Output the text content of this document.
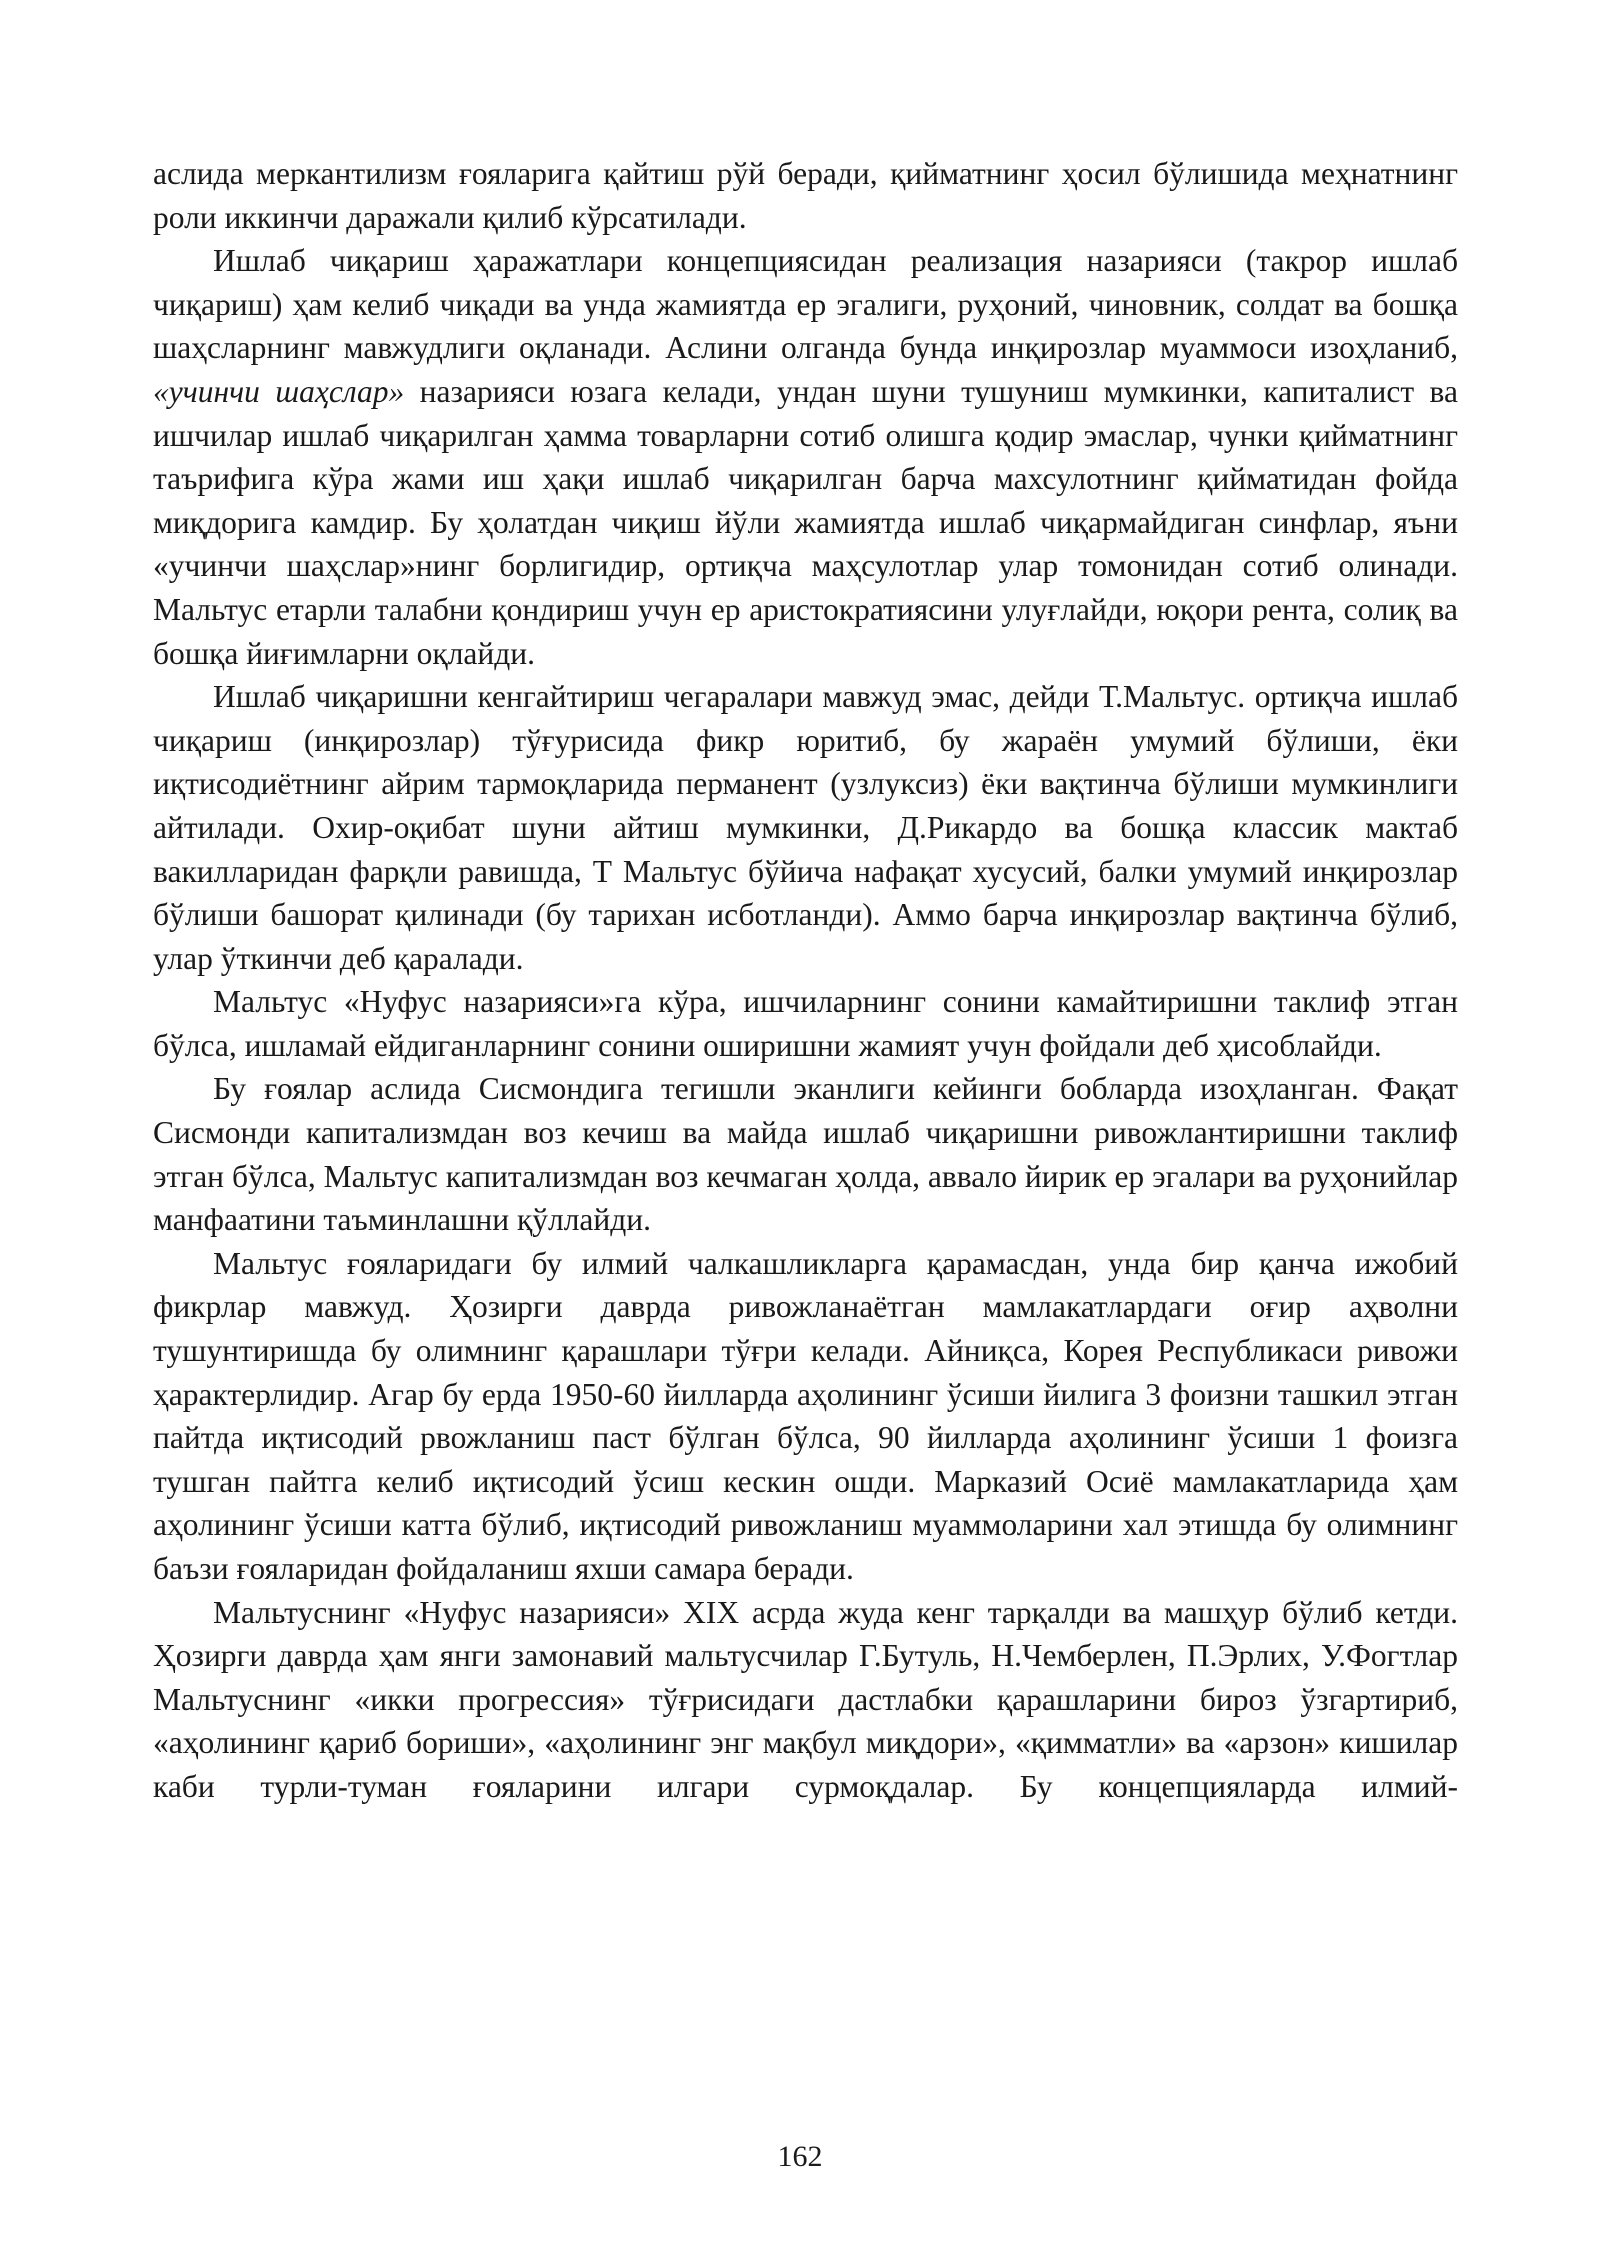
аслида меркантилизм ғояларига қайтиш рўй беради, қийматнинг ҳосил бўлишида меҳнатнинг роли иккинчи даражали қилиб кўрсатилади.

Ишлаб чиқариш ҳаражатлари концепциясидан реализация назарияси (такрор ишлаб чиқариш) ҳам келиб чиқади ва унда жамиятда ер эгалиги, руҳоний, чиновник, солдат ва бошқа шаҳсларнинг мавжудлиги оқланади. Аслини олганда бунда инқирозлар муаммоси изоҳланиб, «учинчи шаҳслар» назарияси юзага келади, ундан шуни тушуниш мумкинки, капиталист ва ишчилар ишлаб чиқарилган ҳамма товарларни сотиб олишга қодир эмаслар, чунки қийматнинг таърифига кўра жами иш ҳақи ишлаб чиқарилган барча махсулотнинг қийматидан фойда миқдорига камдир. Бу ҳолатдан чиқиш йўли жамиятда ишлаб чиқармайдиган синфлар, яъни «учинчи шаҳслар»нинг борлигидир, ортиқча маҳсулотлар улар томонидан сотиб олинади. Мальтус етарли талабни қондириш учун ер аристократиясини улуғлайди, юқори рента, солиқ ва бошқа йиғимларни оқлайди.

Ишлаб чиқаришни кенгайтириш чегаралари мавжуд эмас, дейди Т.Мальтус. ортиқча ишлаб чиқариш (инқирозлар) тўғурисида фикр юритиб, бу жараён умумий бўлиши, ёки иқтисодиётнинг айрим тармоқларида перманент (узлуксиз) ёки вақтинча бўлиши мумкинлиги айтилади. Охир-оқибат шуни айтиш мумкинки, Д.Рикардо ва бошқа классик мактаб вакилларидан фарқли равишда, Т Мальтус бўйича нафақат хусусий, балки умумий инқирозлар бўлиши башорат қилинади (бу тарихан исботланди). Аммо барча инқирозлар вақтинча бўлиб, улар ўткинчи деб қаралади.

Мальтус «Нуфус назарияси»га кўра, ишчиларнинг сонини камайтиришни таклиф этган бўлса, ишламай ейдиганларнинг сонини оширишни жамият учун фойдали деб ҳисоблайди.

Бу ғоялар аслида Сисмондига тегишли эканлиги кейинги бобларда изоҳланган. Фақат Сисмонди капитализмдан воз кечиш ва майда ишлаб чиқаришни ривожлантиришни таклиф этган бўлса, Мальтус капитализмдан воз кечмаган ҳолда, аввало йирик ер эгалари ва руҳонийлар манфаатини таъминлашни қўллайди.

Мальтус ғояларидаги бу илмий чалкашликларга қарамасдан, унда бир қанча ижобий фикрлар мавжуд. Ҳозирги даврда ривожланаётган мамлакатлардаги оғир аҳволни тушунтиришда бу олимнинг қарашлари тўғри келади. Айниқса, Корея Республикаси ривожи ҳарактерлидир. Агар бу ерда 1950-60 йилларда аҳолининг ўсиши йилига 3 фоизни ташкил этган пайтда иқтисодий рвожланиш паст бўлган бўлса, 90 йилларда аҳолининг ўсиши 1 фоизга тушган пайтга келиб иқтисодий ўсиш кескин ошди. Марказий Осиё мамлакатларида ҳам аҳолининг ўсиши катта бўлиб, иқтисодий ривожланиш муаммоларини хал этишда бу олимнинг баъзи ғояларидан фойдаланиш яхши самара беради.

Мальтуснинг «Нуфус назарияси» XIX асрда жуда кенг тарқалди ва машҳур бўлиб кетди. Ҳозирги даврда ҳам янги замонавий мальтусчилар Г.Бутуль, Н.Чемберлен, П.Эрлих, У.Фогтлар Мальтуснинг «икки прогрессия» тўғрисидаги дастлабки қарашларини бироз ўзгартириб, «аҳолининг қариб бориши», «аҳолининг энг мақбул миқдори», «қимматли» ва «арзон» кишилар каби турли-туман ғояларини илгари сурмоқдалар. Бу концепцияларда илмий-

162
